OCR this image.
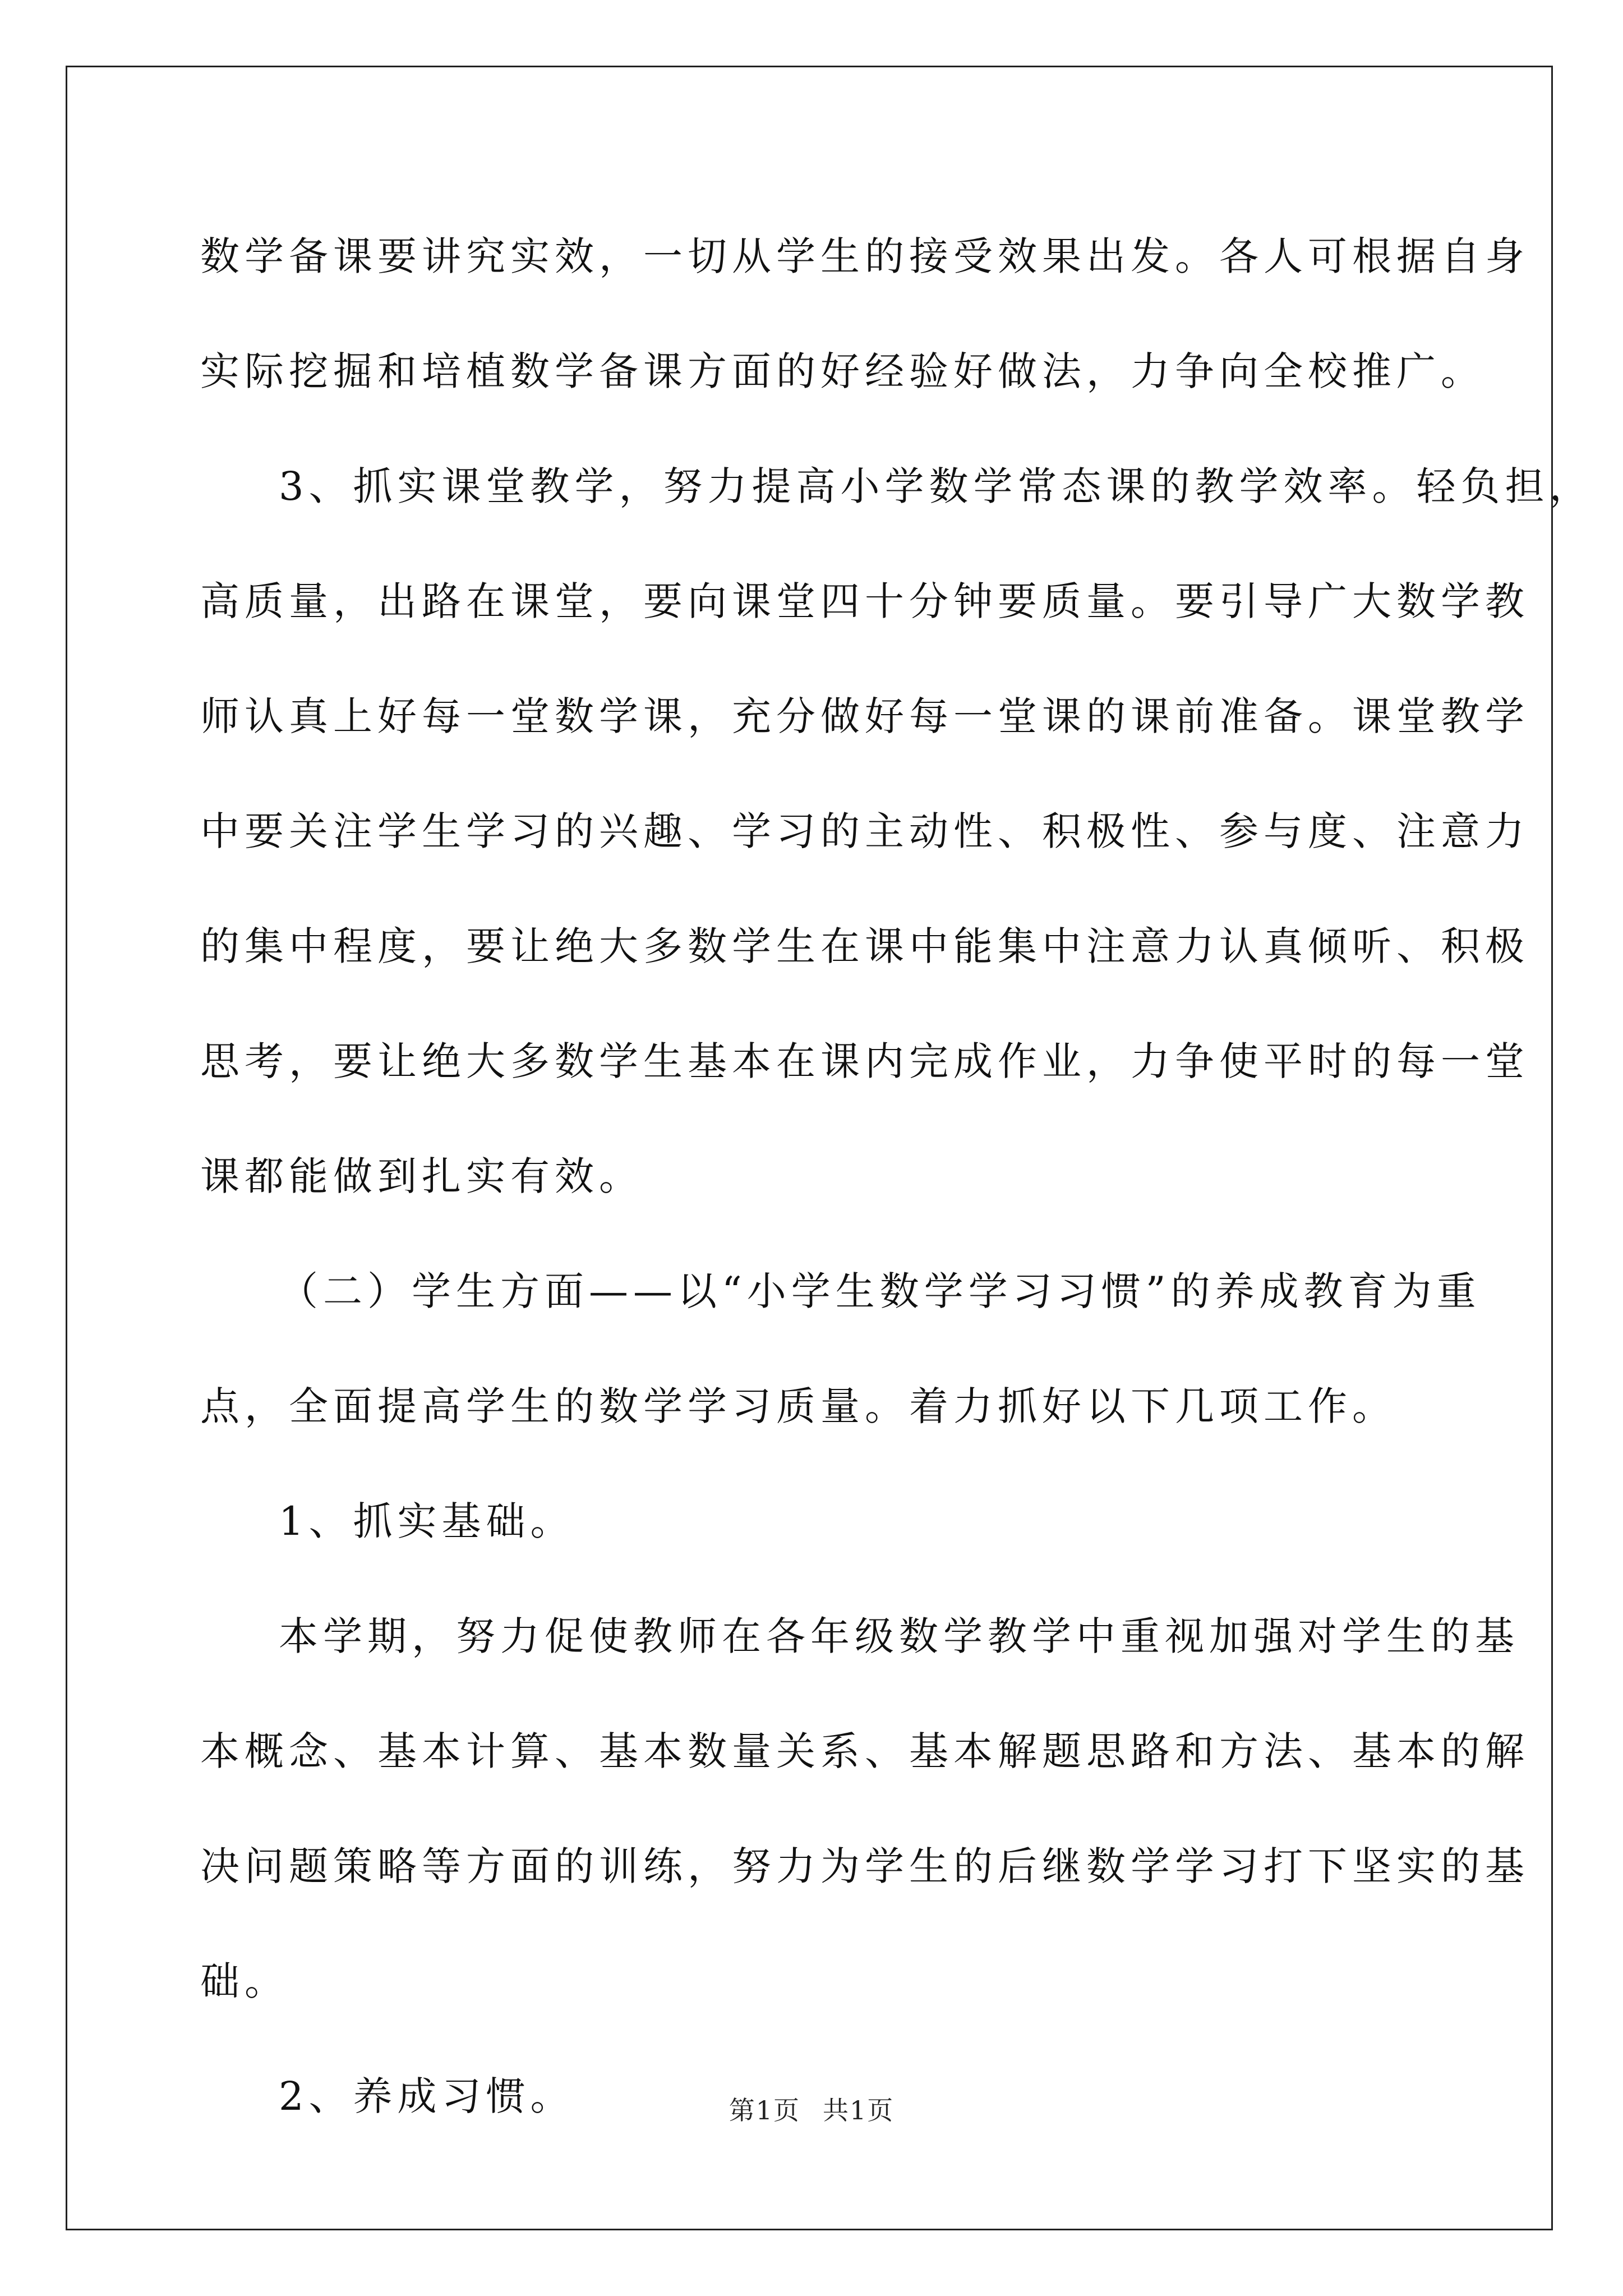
数学备课要讲究实效，一切从学生的接受效果出发。各人可根据自身
实际挖掘和培植数学备课方面的好经验好做法，力争向全校推广。
3、抓实课堂教学，努力提高小学数学常态课的教学效率。轻负担，
高质量，出路在课堂，要向课堂四十分钟要质量。要引导广大数学教
师认真上好每一堂数学课，充分做好每一堂课的课前准备。课堂教学
中要关注学生学习的兴趣、学习的主动性、积极性、参与度、注意力
的集中程度，要让绝大多数学生在课中能集中注意力认真倾听、积极
思考，要让绝大多数学生基本在课内完成作业，力争使平时的每一堂
课都能做到扎实有效。
（二）学生方面——以“小学生数学学习习惯”的养成教育为重
点，全面提高学生的数学学习质量。着力抓好以下几项工作。
1、抓实基础。
本学期，努力促使教师在各年级数学教学中重视加强对学生的基
本概念、基本计算、基本数量关系、基本解题思路和方法、基本的解
决问题策略等方面的训练，努力为学生的后继数学学习打下坚实的基
础。
2、养成习惯。	第1页 共1页
